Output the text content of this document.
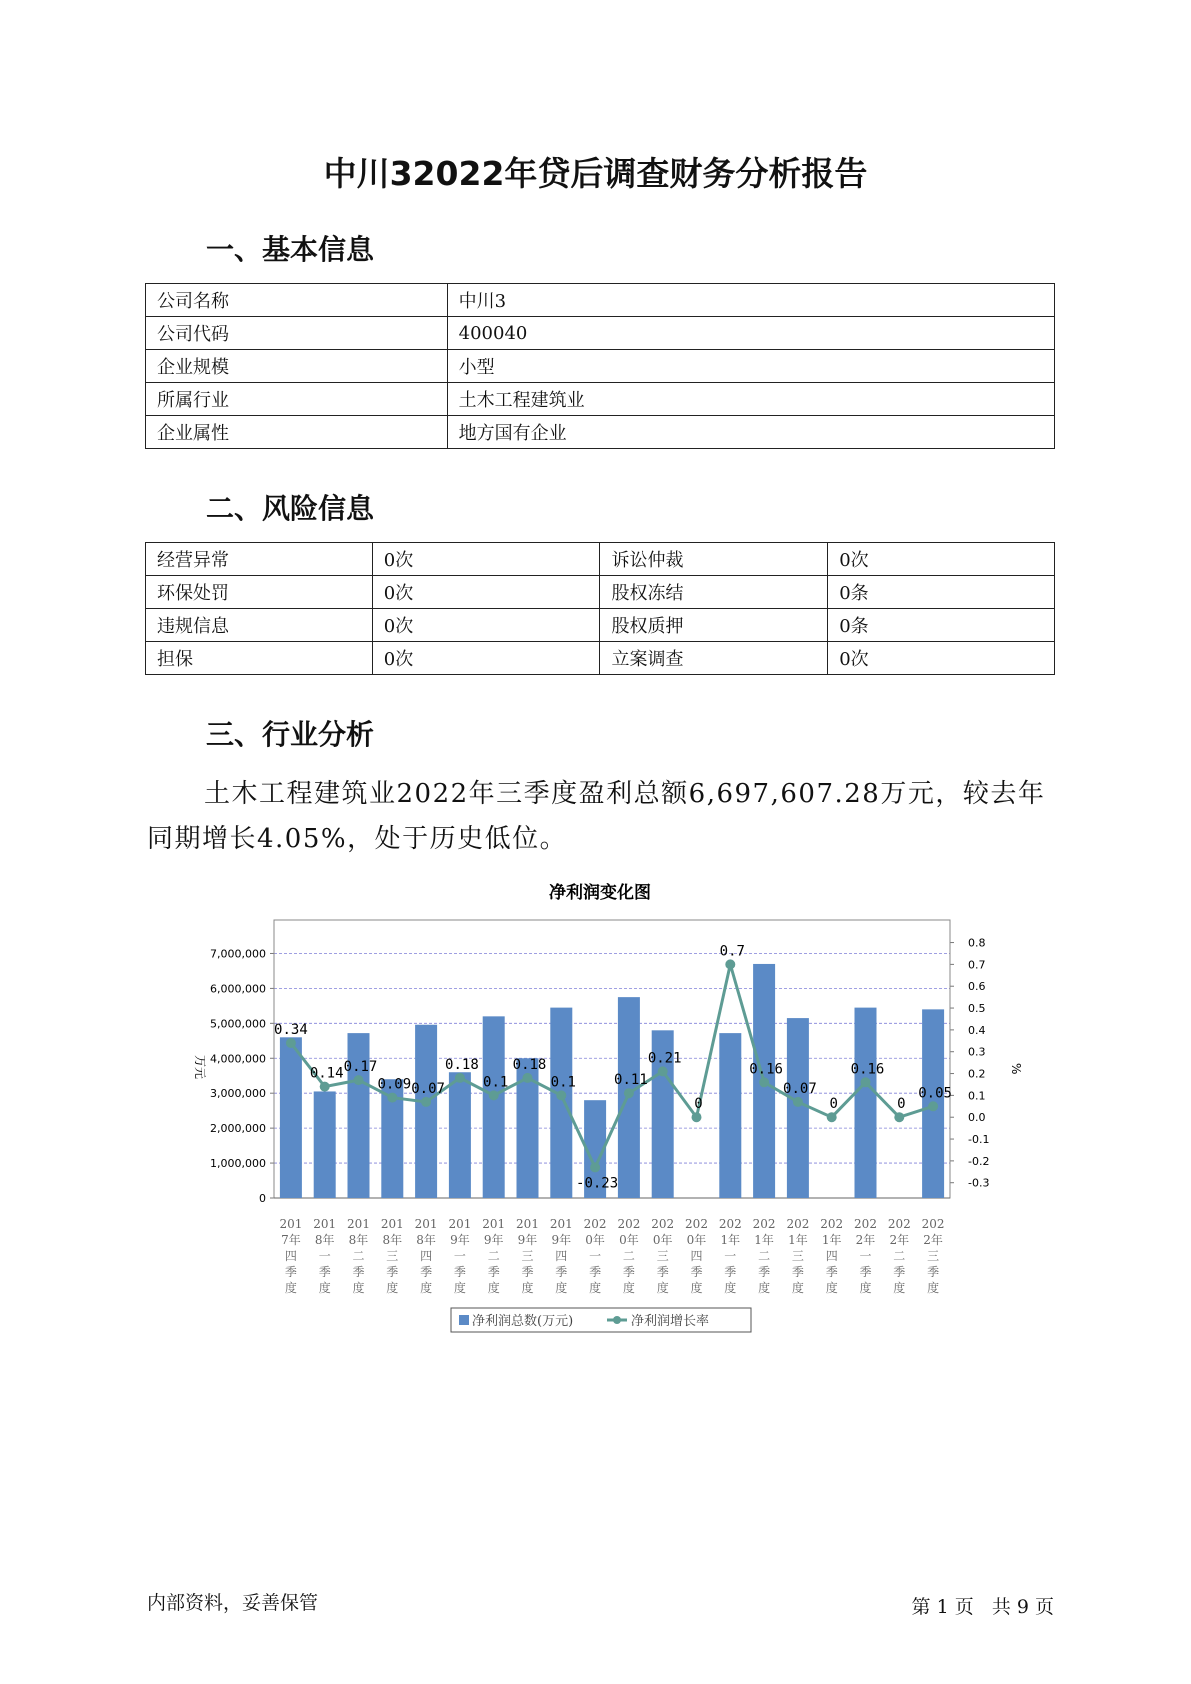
中川32022年贷后调查财务分析报告
一、基本信息
公司名称	中川3
公司代码	400040
企业规模	小型
所属行业	土木工程建筑业
企业属性	地方国有企业
二、风险信息
经营异常	0次	诉讼仲裁	0次
环保处罚	0次	股权冻结	0条
违规信息	0次	股权质押	0条
担保	0次	立案调查	0次
三、行业分析
土木工程建筑业2022年三季度盈利总额6,697,607.28万元，较去年同期增长4.05%，处于历史低位。
净利润变化图
0
1,000,000
2,000,000
3,000,000
4,000,000
5,000,000
6,000,000
7,000,000
-0.3
-0.2
-0.1
0.0
0.1
0.2
0.3
0.4
0.5
0.6
0.7
0.8
万元	%
201
7年
四
季
度
201
8年
一
季
度
201
8年
二
季
度
201
8年
三
季
度
201
8年
四
季
度
201
9年
一
季
度
201
9年
二
季
度
201
9年
三
季
度
201
9年
四
季
度
202
0年
一
季
度
202
0年
二
季
度
202
0年
三
季
度
202
0年
四
季
度
202
1年
一
季
度
202
1年
二
季
度
202
1年
三
季
度
202
1年
四
季
度
202
2年
一
季
度
202
2年
二
季
度
202
2年
三
季
度
0.34
0.14 0.17
0.09 0.07
0.18
0.1
0.18
0.1
-0.23
0.11
0.21
0
0.7
0.16
0.07
0
0.16
0
0.05
净利润总数(万元)	净利润增长率
内部资料，妥善保管	第 1 页   共 9 页
